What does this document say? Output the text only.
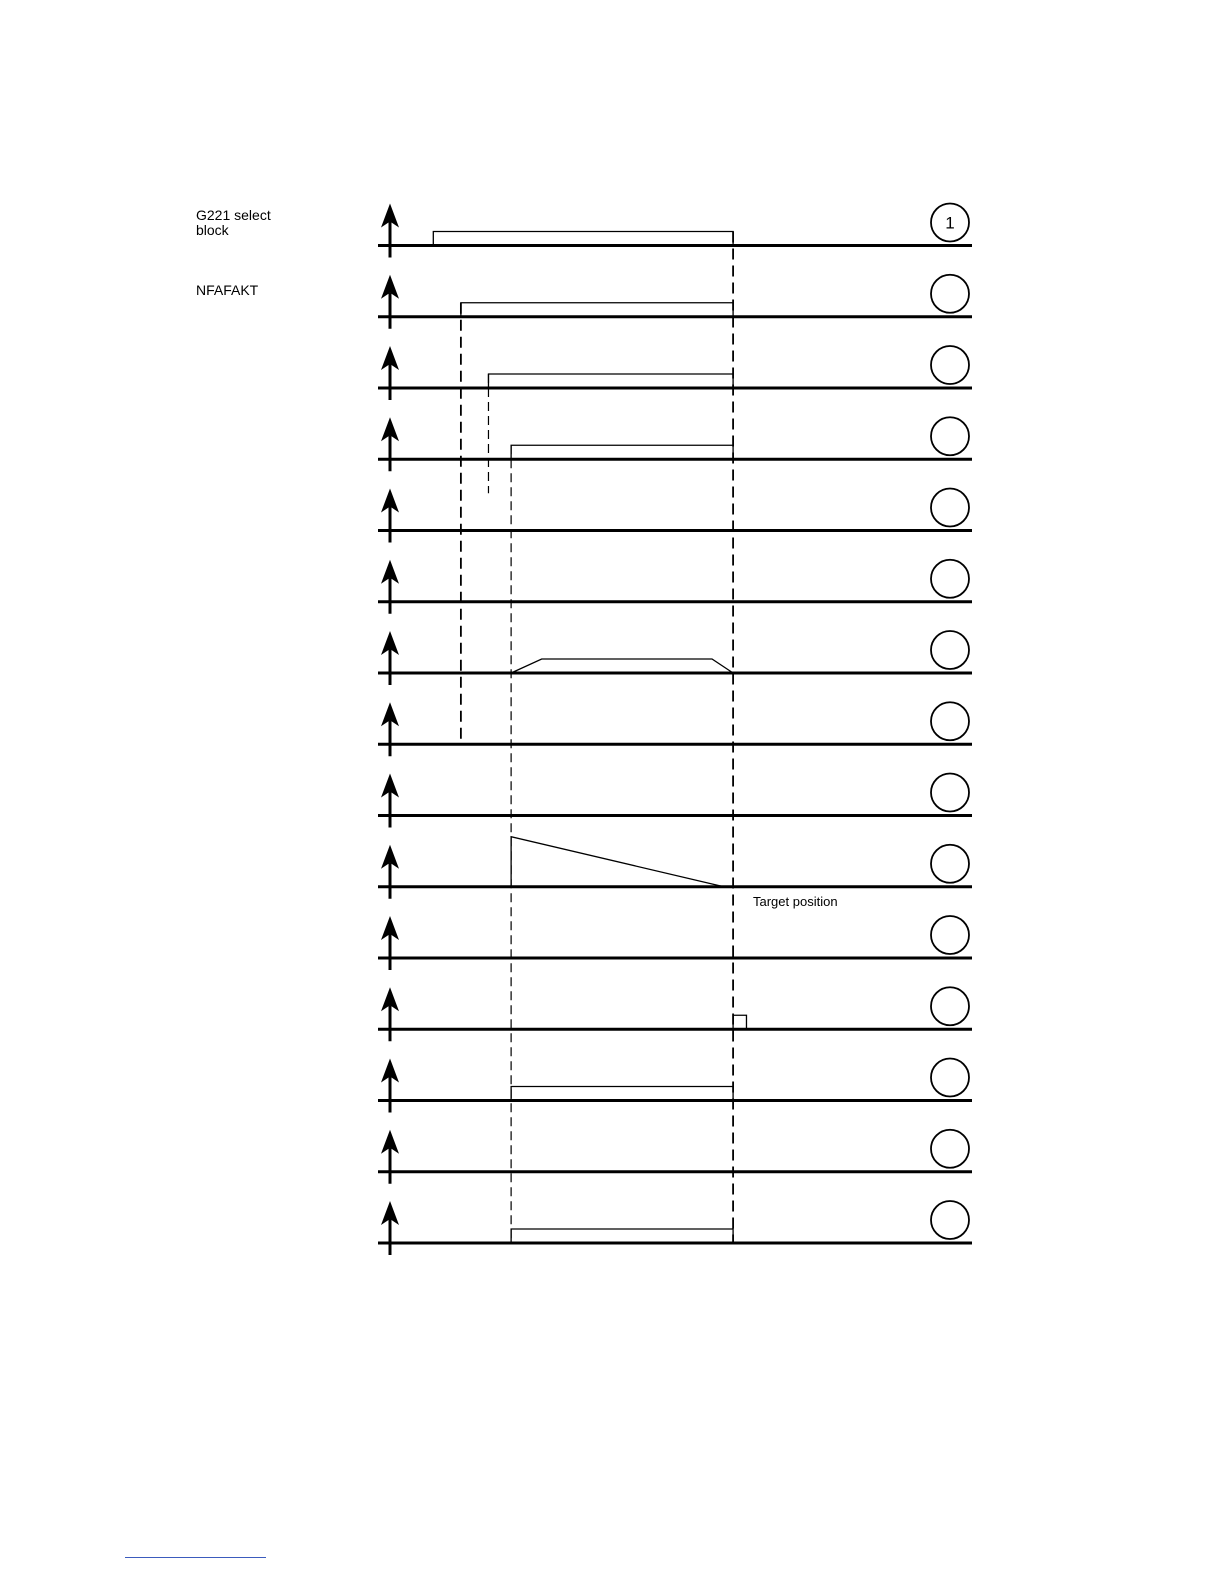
1
G221 select
block
NFAFAKT
Target position
